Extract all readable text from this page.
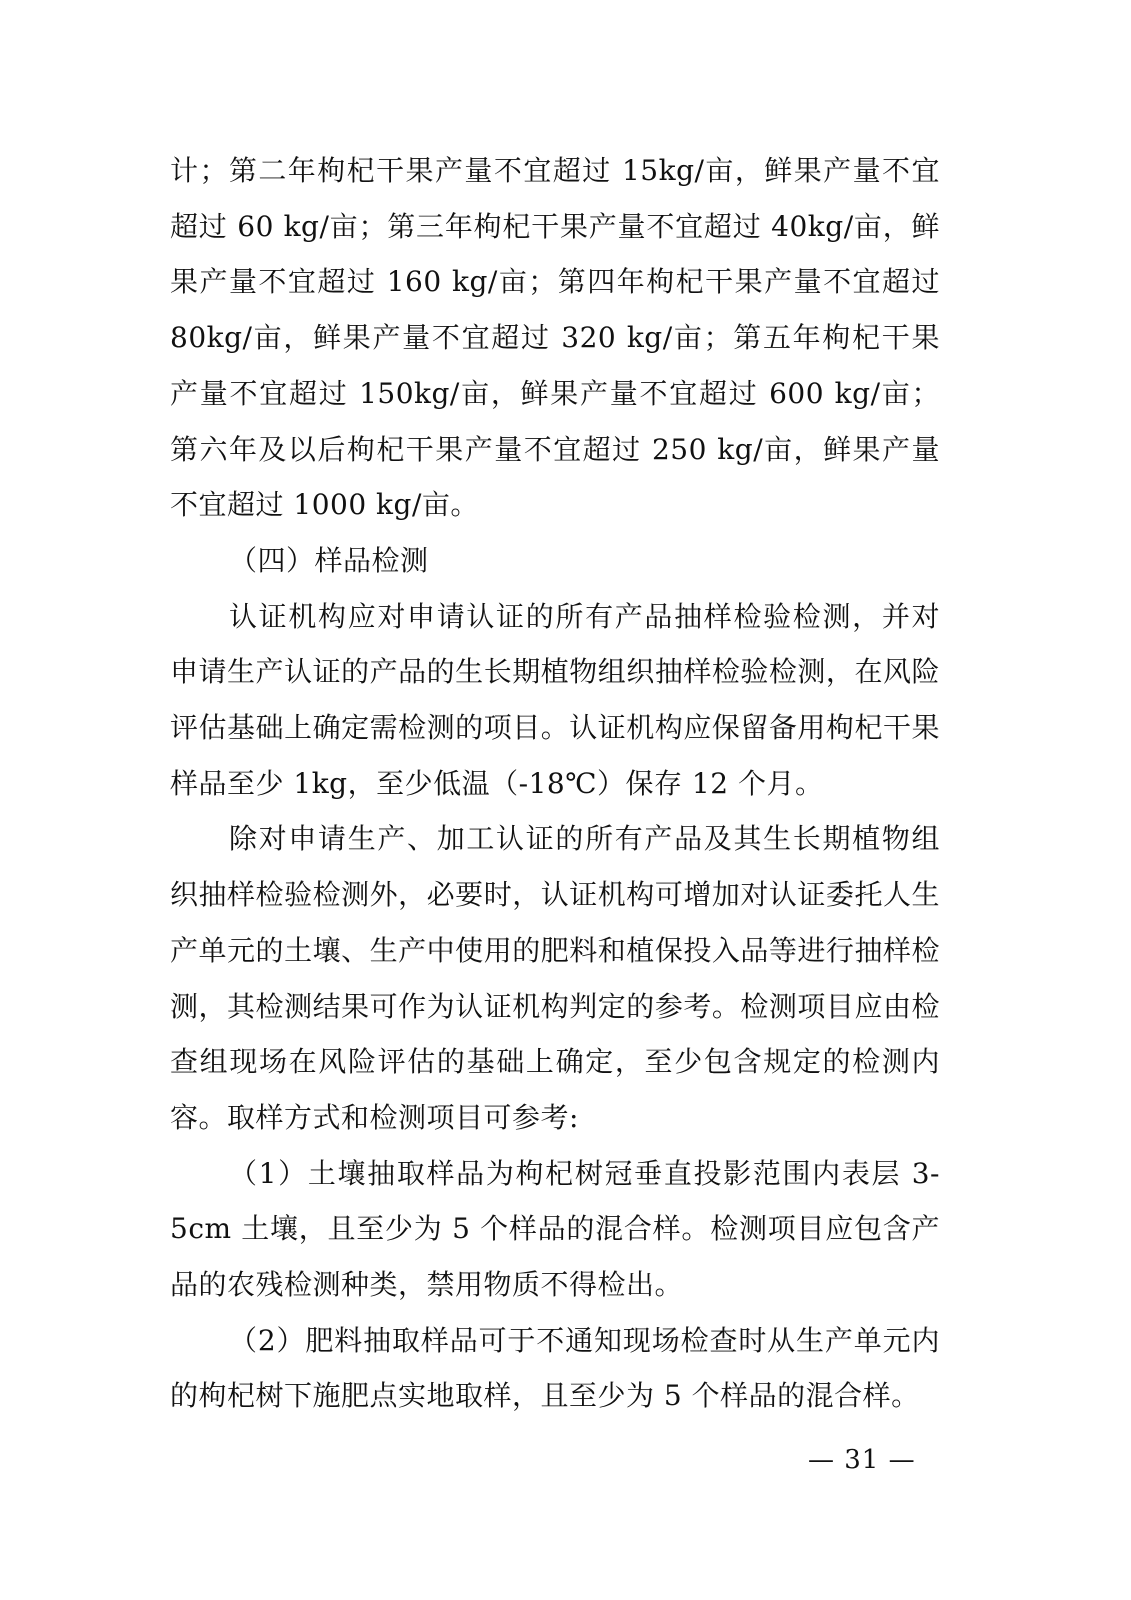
计；第二年枸杞干果产量不宜超过 15kg/亩，鲜果产量不宜超过 60 kg/亩；第三年枸杞干果产量不宜超过 40kg/亩，鲜果产量不宜超过 160 kg/亩；第四年枸杞干果产量不宜超过 80kg/亩，鲜果产量不宜超过 320 kg/亩；第五年枸杞干果产量不宜超过 150kg/亩，鲜果产量不宜超过 600 kg/亩；第六年及以后枸杞干果产量不宜超过 250 kg/亩，鲜果产量不宜超过 1000 kg/亩。

（四）样品检测

认证机构应对申请认证的所有产品抽样检验检测，并对申请生产认证的产品的生长期植物组织抽样检验检测，在风险评估基础上确定需检测的项目。认证机构应保留备用枸杞干果样品至少 1kg，至少低温（-18℃）保存 12 个月。

除对申请生产、加工认证的所有产品及其生长期植物组织抽样检验检测外，必要时，认证机构可增加对认证委托人生产单元的土壤、生产中使用的肥料和植保投入品等进行抽样检测，其检测结果可作为认证机构判定的参考。检测项目应由检查组现场在风险评估的基础上确定，至少包含规定的检测内容。取样方式和检测项目可参考:

（1）土壤抽取样品为枸杞树冠垂直投影范围内表层 3-5cm 土壤，且至少为 5 个样品的混合样。检测项目应包含产品的农残检测种类，禁用物质不得检出。

（2）肥料抽取样品可于不通知现场检查时从生产单元内的枸杞树下施肥点实地取样，且至少为 5 个样品的混合样。

— 31 —
